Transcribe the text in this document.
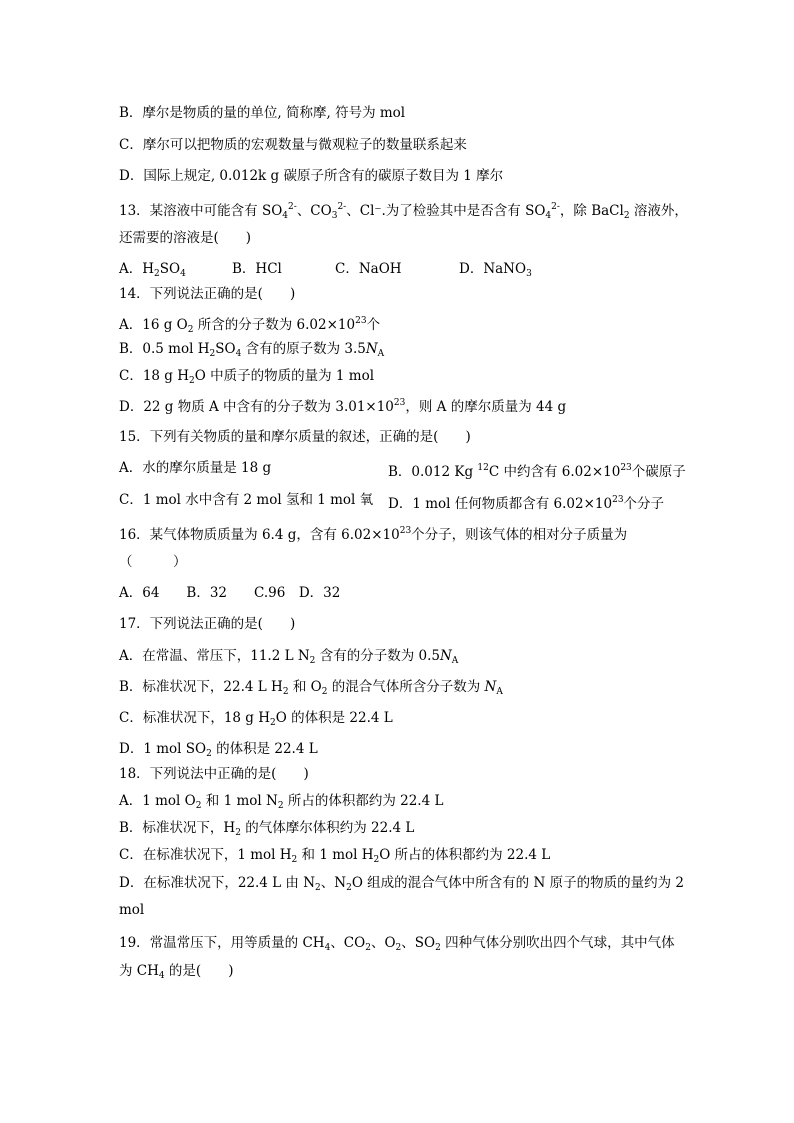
B．摩尔是物质的量的单位, 简称摩, 符号为 mol
C．摩尔可以把物质的宏观数量与微观粒子的数量联系起来
D．国际上规定, 0.012k g 碳原子所含有的碳原子数目为 1 摩尔
13．某溶液中可能含有 $SO_4^{2-}$、$CO_3^{2-}$、Cl⁻.为了检验其中是否含有 $SO_4^{2-}$，除 BaCl$_2$ 溶液外，
还需要的溶液是(　　)
A．$H_2SO_4$	B．HCl	C．NaOH	D．NaNO$_3$
14．下列说法正确的是(　　)
A．16 g $O_2$ 所含的分子数为 $6.02\times 10^{23}$个
B．0.5 mol $H_2SO_4$ 含有的原子数为 $3.5N_A$
C．18 g $H_2O$ 中质子的物质的量为 1 mol
D．22 g 物质 A 中含有的分子数为 $3.01\times 10^{23}$，则 A 的摩尔质量为 44 g
15．下列有关物质的量和摩尔质量的叙述，正确的是(　　)
A．水的摩尔质量是 18 g	B．0.012 Kg $^{12}$C 中约含有 $6.02\times 10^{23}$个碳原子
C．1 mol 水中含有 2 mol 氢和 1 mol 氧 D．1 mol 任何物质都含有 $6.02\times 10^{23}$个分子
16．某气体物质质量为 6.4 g，含有 $6.02\times 10^{23}$个分子，则该气体的相对分子质量为
（　　　）
A．64　　B．32　　C.96　D．32
17．下列说法正确的是(　　)
A．在常温、常压下，11.2 L $N_2$ 含有的分子数为 $0.5N_A$
B．标准状况下，22.4 L $H_2$ 和 $O_2$ 的混合气体所含分子数为 $N_A$
C．标准状况下，18 g $H_2O$ 的体积是 22.4 L
D．1 mol $SO_2$ 的体积是 22.4 L
18．下列说法中正确的是(　　)
A．1 mol $O_2$ 和 1 mol $N_2$ 所占的体积都约为 22.4 L
B．标准状况下，$H_2$ 的气体摩尔体积约为 22.4 L
C．在标准状况下，1 mol $H_2$ 和 1 mol $H_2O$ 所占的体积都约为 22.4 L
D．在标准状况下，22.4 L 由 $N_2$、$N_2O$ 组成的混合气体中所含有的 N 原子的物质的量约为 2
mol
19．常温常压下，用等质量的 $CH_4$、$CO_2$、$O_2$、$SO_2$ 四种气体分别吹出四个气球，其中气体
为 $CH_4$ 的是(　　)
